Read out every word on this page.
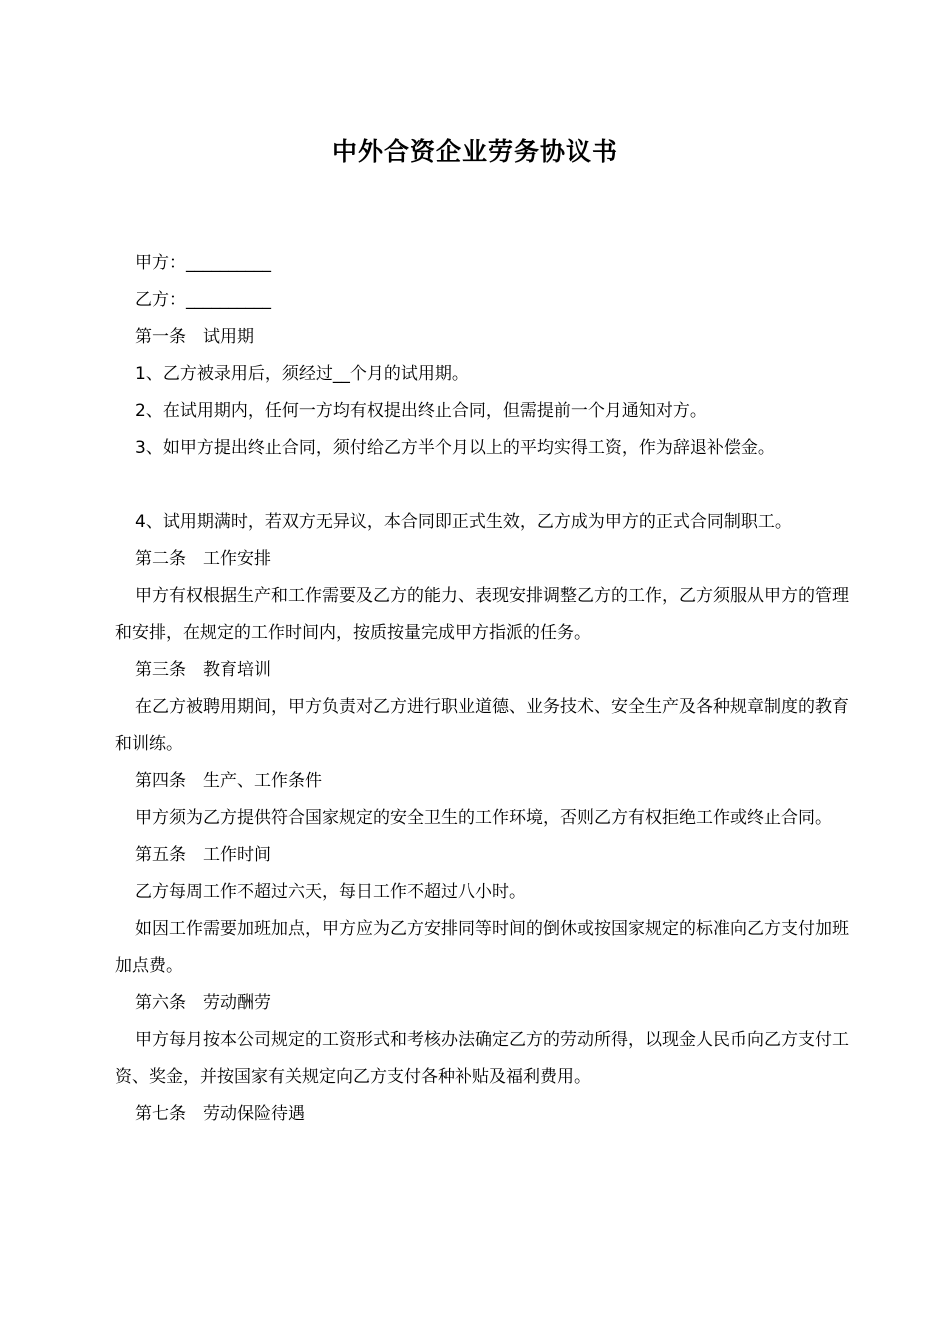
中外合资企业劳务协议书
甲方：__________
乙方：__________
第一条　试用期
1、乙方被录用后，须经过__个月的试用期。
2、在试用期内，任何一方均有权提出终止合同，但需提前一个月通知对方。
3、如甲方提出终止合同，须付给乙方半个月以上的平均实得工资，作为辞退补偿金。
4、试用期满时，若双方无异议，本合同即正式生效，乙方成为甲方的正式合同制职工。
第二条　工作安排
甲方有权根据生产和工作需要及乙方的能力、表现安排调整乙方的工作，乙方须服从甲方的管理和安排，在规定的工作时间内，按质按量完成甲方指派的任务。
第三条　教育培训
在乙方被聘用期间，甲方负责对乙方进行职业道德、业务技术、安全生产及各种规章制度的教育和训练。
第四条　生产、工作条件
甲方须为乙方提供符合国家规定的安全卫生的工作环境，否则乙方有权拒绝工作或终止合同。
第五条　工作时间
乙方每周工作不超过六天，每日工作不超过八小时。
如因工作需要加班加点，甲方应为乙方安排同等时间的倒休或按国家规定的标准向乙方支付加班加点费。
第六条　劳动酬劳
甲方每月按本公司规定的工资形式和考核办法确定乙方的劳动所得，以现金人民币向乙方支付工资、奖金，并按国家有关规定向乙方支付各种补贴及福利费用。
第七条　劳动保险待遇
